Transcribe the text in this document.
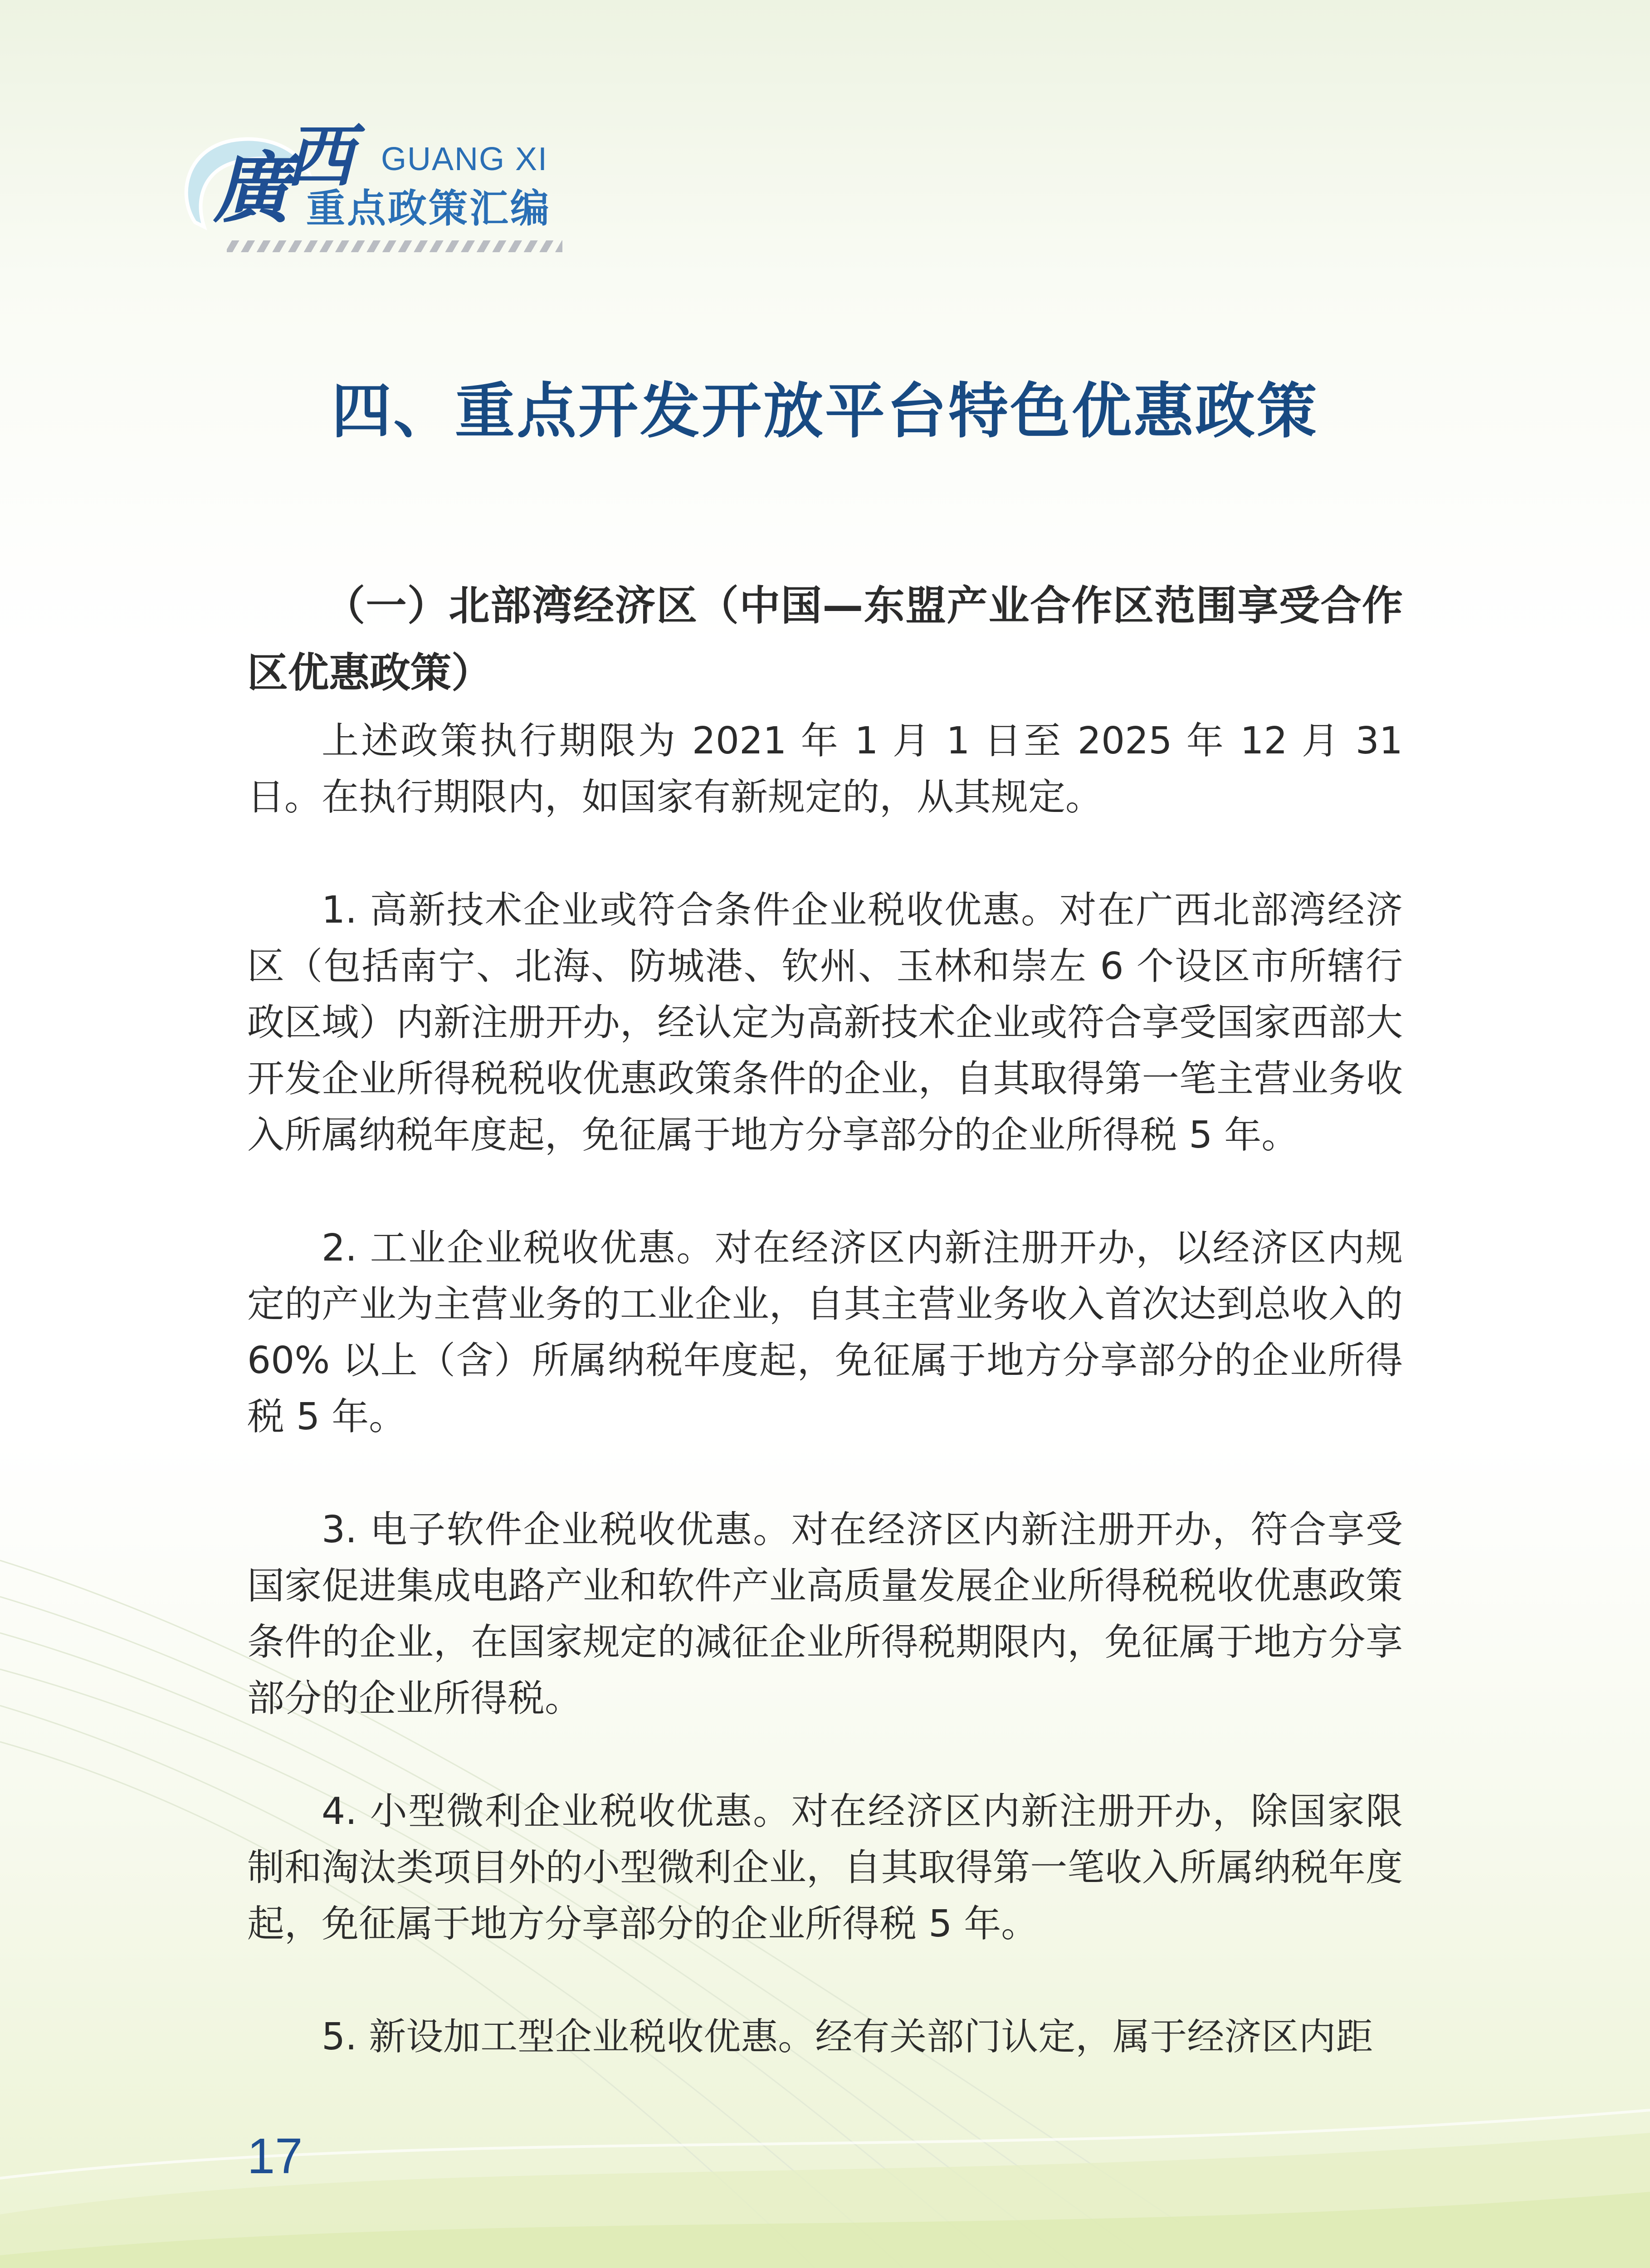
廣
西 GUANG XI
重点政策汇编
四、重点开发开放平台特色优惠政策

（一）北部湾经济区（中国—东盟产业合作区范围享受合作区优惠政策）

上述政策执行期限为 2021 年 1 月 1 日至 2025 年 12 月 31 日。在执行期限内，如国家有新规定的，从其规定。

1. 高新技术企业或符合条件企业税收优惠。对在广西北部湾经济区（包括南宁、北海、防城港、钦州、玉林和崇左 6 个设区市所辖行政区域）内新注册开办，经认定为高新技术企业或符合享受国家西部大开发企业所得税税收优惠政策条件的企业，自其取得第一笔主营业务收入所属纳税年度起，免征属于地方分享部分的企业所得税 5 年。

2. 工业企业税收优惠。对在经济区内新注册开办，以经济区内规定的产业为主营业务的工业企业，自其主营业务收入首次达到总收入的 60% 以上（含）所属纳税年度起，免征属于地方分享部分的企业所得税 5 年。

3. 电子软件企业税收优惠。对在经济区内新注册开办，符合享受国家促进集成电路产业和软件产业高质量发展企业所得税税收优惠政策条件的企业，在国家规定的减征企业所得税期限内，免征属于地方分享部分的企业所得税。

4. 小型微利企业税收优惠。对在经济区内新注册开办，除国家限制和淘汰类项目外的小型微利企业，自其取得第一笔收入所属纳税年度起，免征属于地方分享部分的企业所得税 5 年。

5. 新设加工型企业税收优惠。经有关部门认定，属于经济区内距

17
